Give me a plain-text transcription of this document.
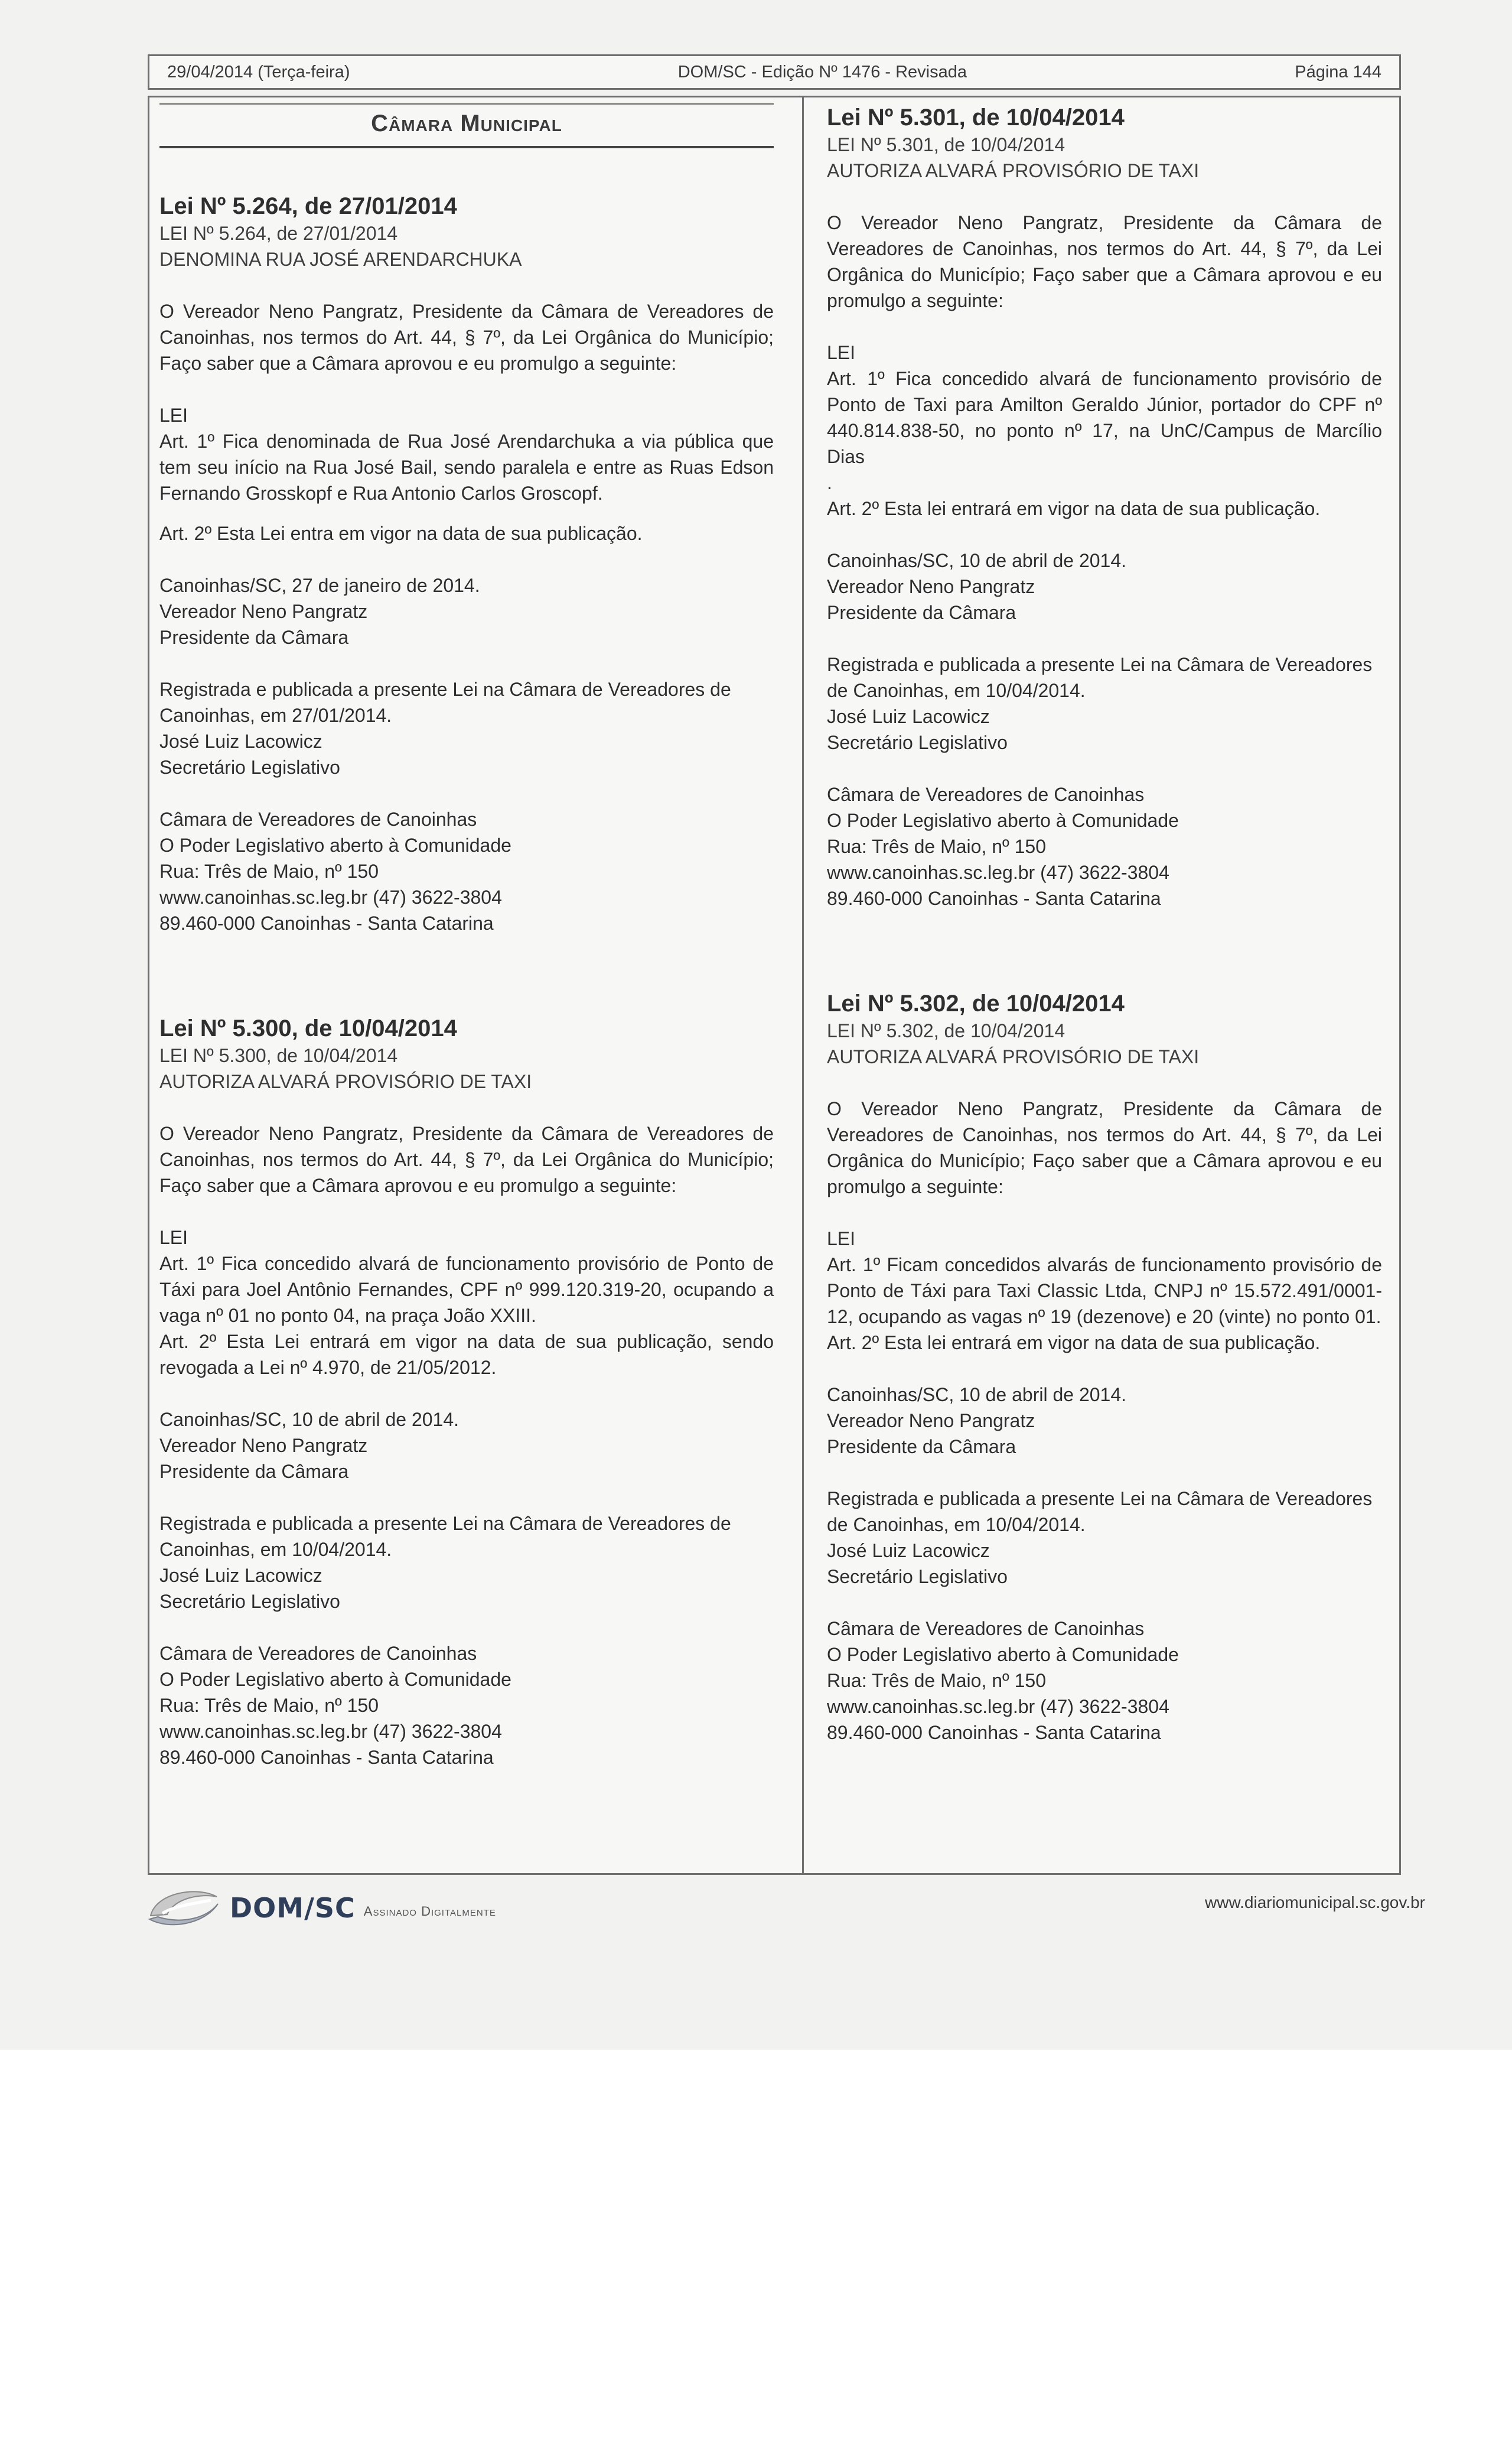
29/04/2014 (Terça-feira)	DOM/SC - Edição Nº 1476 - Revisada	Página 144
Câmara Municipal

Lei Nº 5.264, de 27/01/2014

LEI Nº 5.264, de 27/01/2014

DENOMINA RUA JOSÉ ARENDARCHUKA

O Vereador Neno Pangratz, Presidente da Câmara de Vereadores de Canoinhas, nos termos do Art. 44, § 7º, da Lei Orgânica do Município; Faço saber que a Câmara aprovou e eu promulgo a seguinte:

LEI

Art. 1º Fica denominada de Rua José Arendarchuka a via pública que tem seu início na Rua José Bail, sendo paralela e entre as Ruas Edson Fernando Grosskopf e Rua Antonio Carlos Groscopf.

Art. 2º Esta Lei entra em vigor na data de sua publicação.

Canoinhas/SC, 27 de janeiro de 2014.

Vereador Neno Pangratz

Presidente da Câmara

Registrada e publicada a presente Lei na Câmara de Vereadores de Canoinhas, em 27/01/2014.

José Luiz Lacowicz

Secretário Legislativo

Câmara de Vereadores de Canoinhas

O Poder Legislativo aberto à Comunidade

Rua: Três de Maio, nº 150

www.canoinhas.sc.leg.br (47) 3622-3804

89.460-000 Canoinhas - Santa Catarina

Lei Nº 5.300, de 10/04/2014

LEI Nº 5.300, de 10/04/2014

AUTORIZA ALVARÁ PROVISÓRIO DE TAXI

O Vereador Neno Pangratz, Presidente da Câmara de Vereadores de Canoinhas, nos termos do Art. 44, § 7º, da Lei Orgânica do Município; Faço saber que a Câmara aprovou e eu promulgo a seguinte:

LEI

Art. 1º Fica concedido alvará de funcionamento provisório de Ponto de Táxi para Joel Antônio Fernandes, CPF nº 999.120.319-20, ocupando a vaga nº 01 no ponto 04, na praça João XXIII.

Art. 2º Esta Lei entrará em vigor na data de sua publicação, sendo revogada a Lei nº 4.970, de 21/05/2012.

Canoinhas/SC, 10 de abril de 2014.

Vereador Neno Pangratz

Presidente da Câmara

Registrada e publicada a presente Lei na Câmara de Vereadores de Canoinhas, em 10/04/2014.

José Luiz Lacowicz

Secretário Legislativo

Câmara de Vereadores de Canoinhas

O Poder Legislativo aberto à Comunidade

Rua: Três de Maio, nº 150

www.canoinhas.sc.leg.br (47) 3622-3804

89.460-000 Canoinhas - Santa Catarina

Lei Nº 5.301, de 10/04/2014

LEI Nº 5.301, de 10/04/2014

AUTORIZA ALVARÁ PROVISÓRIO DE TAXI

O Vereador Neno Pangratz, Presidente da Câmara de Vereadores de Canoinhas, nos termos do Art. 44, § 7º, da Lei Orgânica do Município; Faço saber que a Câmara aprovou e eu promulgo a seguinte:

LEI

Art. 1º Fica concedido alvará de funcionamento provisório de Ponto de Taxi para Amilton Geraldo Júnior, portador do CPF nº 440.814.838-50, no ponto nº 17, na UnC/Campus de Marcílio Dias

.

Art. 2º Esta lei entrará em vigor na data de sua publicação.

Canoinhas/SC, 10 de abril de 2014.

Vereador Neno Pangratz

Presidente da Câmara

Registrada e publicada a presente Lei na Câmara de Vereadores de Canoinhas, em 10/04/2014.

José Luiz Lacowicz

Secretário Legislativo

Câmara de Vereadores de Canoinhas

O Poder Legislativo aberto à Comunidade

Rua: Três de Maio, nº 150

www.canoinhas.sc.leg.br (47) 3622-3804

89.460-000 Canoinhas - Santa Catarina

Lei Nº 5.302, de 10/04/2014

LEI Nº 5.302, de 10/04/2014

AUTORIZA ALVARÁ PROVISÓRIO DE TAXI

O Vereador Neno Pangratz, Presidente da Câmara de Vereadores de Canoinhas, nos termos do Art. 44, § 7º, da Lei Orgânica do Município; Faço saber que a Câmara aprovou e eu promulgo a seguinte:

LEI

Art. 1º Ficam concedidos alvarás de funcionamento provisório de Ponto de Táxi para Taxi Classic Ltda, CNPJ nº 15.572.491/0001-12, ocupando as vagas nº 19 (dezenove) e 20 (vinte) no ponto 01.

Art. 2º Esta lei entrará em vigor na data de sua publicação.

Canoinhas/SC, 10 de abril de 2014.

Vereador Neno Pangratz

Presidente da Câmara

Registrada e publicada a presente Lei na Câmara de Vereadores de Canoinhas, em 10/04/2014.

José Luiz Lacowicz

Secretário Legislativo

Câmara de Vereadores de Canoinhas

O Poder Legislativo aberto à Comunidade

Rua: Três de Maio, nº 150

www.canoinhas.sc.leg.br (47) 3622-3804

89.460-000 Canoinhas - Santa Catarina

DOM/SC Assinado Digitalmente	www.diariomunicipal.sc.gov.br
